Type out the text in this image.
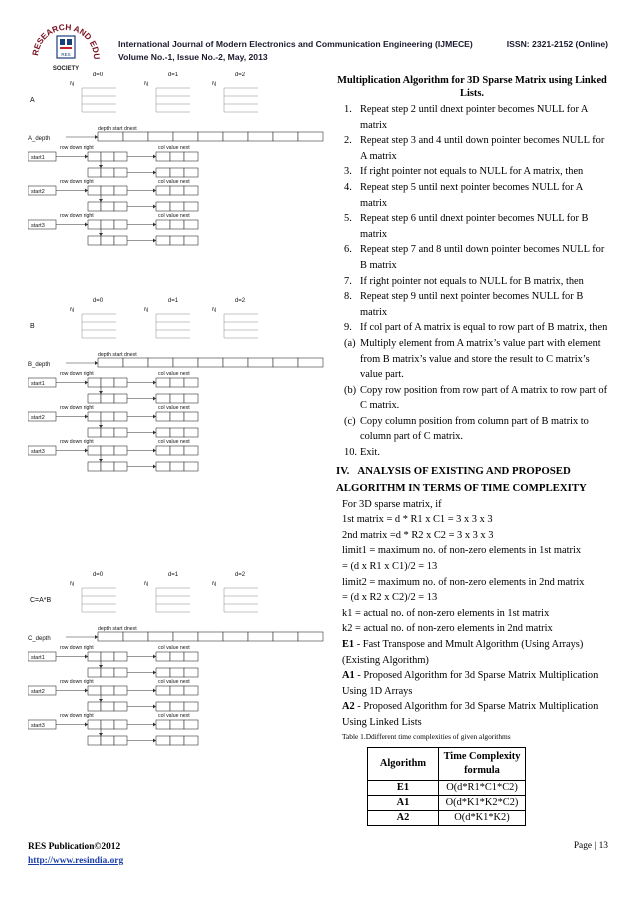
RESEARCH AND EDU
RES
SOCIETY
International Journal of Modern Electronics and Communication Engineering (IJMECE)	ISSN: 2321-2152 (Online)
Volume No.-1, Issue No.-2, May, 2013
d=0	d=1	d=2
i\j	i\j	i\j
A
depth start dnext
A_depth
row down right	col value next
start1
row down right	col value next
start2
row down right	col value next
start3
d=0	d=1	d=2
i\j	i\j	i\j
B
depth start dnext
B_depth
row down right	col value next
start1
row down right	col value next
start2
row down right	col value next
start3
d=0	d=1	d=2
i\j	i\j	i\j
C=A*B
depth start dnext
C_depth
row down right	col value next
start1
row down right	col value next
start2
row down right	col value next
start3
Multiplication Algorithm for 3D Sparse Matrix using Linked Lists.
1. Repeat step 2 until dnext pointer becomes NULL for A matrix
2. Repeat step 3 and 4 until down pointer becomes NULL for A matrix
3. If right pointer not equals to NULL for A matrix, then
4. Repeat step 5 until next pointer becomes NULL for A matrix
5. Repeat step 6 until dnext pointer becomes NULL for B matrix
6. Repeat step 7 and 8 until down pointer becomes NULL for B matrix
7. If right pointer not equals to NULL for B matrix, then
8. Repeat step 9 until next pointer becomes NULL for B matrix
9. If col part of A matrix is equal to row part of B matrix, then
(a) Multiply element from A matrix’s value part with element from B matrix’s value and store the result to C matrix’s value part.
(b) Copy row position from row part of A matrix to row part of C matrix.
(c) Copy column position from column part of B matrix to column part of C matrix.
10. Exit.
IV. ANALYSIS OF EXISTING AND PROPOSED
ALGORITHM IN TERMS OF TIME COMPLEXITY
For 3D sparse matrix, if
1st matrix = d * R1 x C1 = 3 x 3 x 3
2nd matrix =d * R2 x C2 = 3 x 3 x 3
limit1 = maximum no. of non-zero elements in 1st matrix
= (d x R1 x C1)/2 = 13
limit2 = maximum no. of non-zero elements in 2nd matrix
= (d x R2 x C2)/2 = 13
k1 = actual no. of non-zero elements in 1st matrix
k2 = actual no. of non-zero elements in 2nd matrix
E1 - Fast Transpose and Mmult Algorithm (Using Arrays) (Existing Algorithm)
A1 - Proposed Algorithm for 3d Sparse Matrix Multiplication Using 1D Arrays
A2 - Proposed Algorithm for 3d Sparse Matrix Multiplication Using Linked Lists
Table 1.Ddifferent time complexities of given algorithms
Algorithm	Time Complexity formula
E1	O(d*R1*C1*C2)
A1	O(d*K1*K2*C2)
A2	O(d*K1*K2)
RES Publication©2012
http://www.resindia.org
Page | 13
